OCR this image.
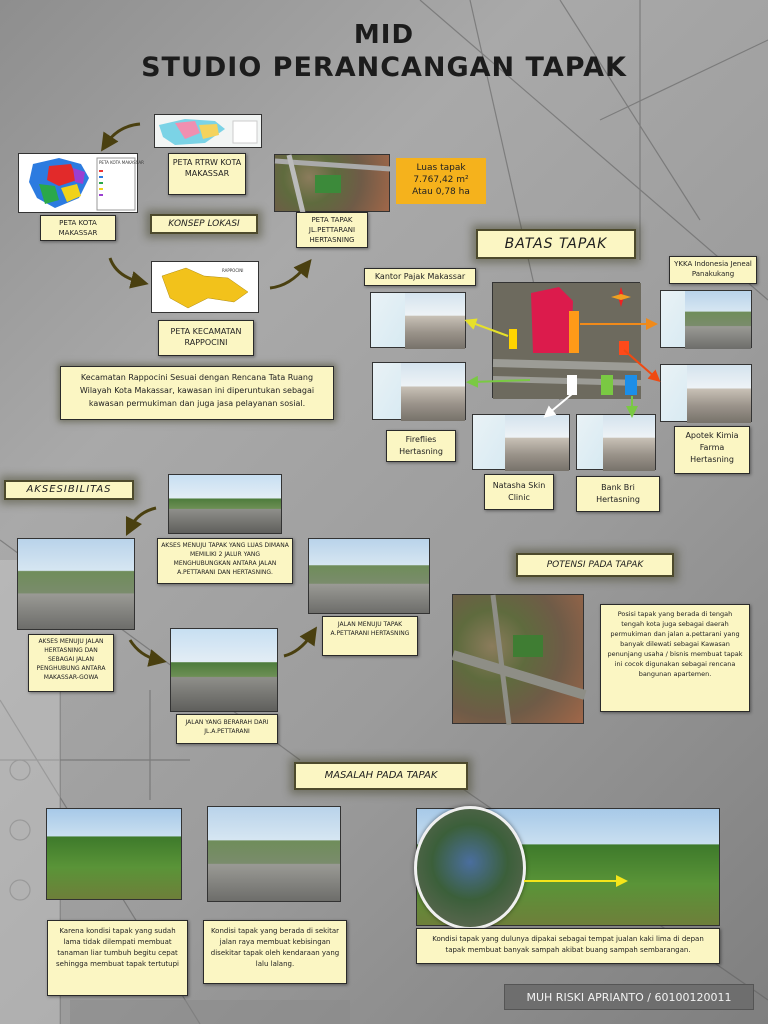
MID
STUDIO PERANCANGAN TAPAK
PETA RTRW KOTA MAKASSAR
PETA KOTA MAKASSAR
PETA KOTA MAKASSAR
KONSEP LOKASI	PETA TAPAK JL.PETTARANI HERTASNING
Luas tapak
7.767,42 m²
Atau 0,78 ha
RAPPOCINI
PETA KECAMATAN RAPPOCINI
Kecamatan Rappocini Sesuai dengan Rencana Tata Ruang Wilayah Kota Makassar, kawasan ini diperuntukan sebagai kawasan permukiman dan juga jasa pelayanan sosial.
BATAS TAPAK
Kantor Pajak Makassar
YKKA Indonesia Jeneal Panakukang
Fireflies Hertasning
Natasha Skin Clinic
Bank Bri Hertasning
Apotek Kimia Farma Hertasning
AKSESIBILITAS
AKSES MENUJU TAPAK YANG LUAS DIMANA MEMILIKI 2 JALUR YANG MENGHUBUNGKAN ANTARA JALAN A.PETTARANI DAN HERTASNING.
AKSES MENUJU JALAN HERTASNING DAN SEBAGAI JALAN PENGHUBUNG ANTARA MAKASSAR-GOWA
JALAN MENUJU TAPAK A.PETTARANI HERTASNING
JALAN YANG BERARAH DARI JL.A.PETTARANI
POTENSI PADA TAPAK
Posisi tapak yang berada di tengah tengah kota juga sebagai daerah permukiman dan jalan a.pettarani yang banyak dilewati sebagai Kawasan penunjang usaha / bisnis membuat tapak ini cocok digunakan sebagai rencana bangunan apartemen.
MASALAH PADA TAPAK
Karena kondisi tapak yang sudah lama tidak dilempati membuat tanaman liar tumbuh begitu cepat sehingga membuat tapak tertutupi
Kondisi tapak yang berada di sekitar jalan raya membuat kebisingan disekitar tapak oleh kendaraan yang lalu lalang.
Kondisi tapak yang dulunya dipakai sebagai tempat jualan kaki lima di depan tapak membuat banyak sampah akibat buang sampah sembarangan.
MUH RISKI APRIANTO / 60100120011
